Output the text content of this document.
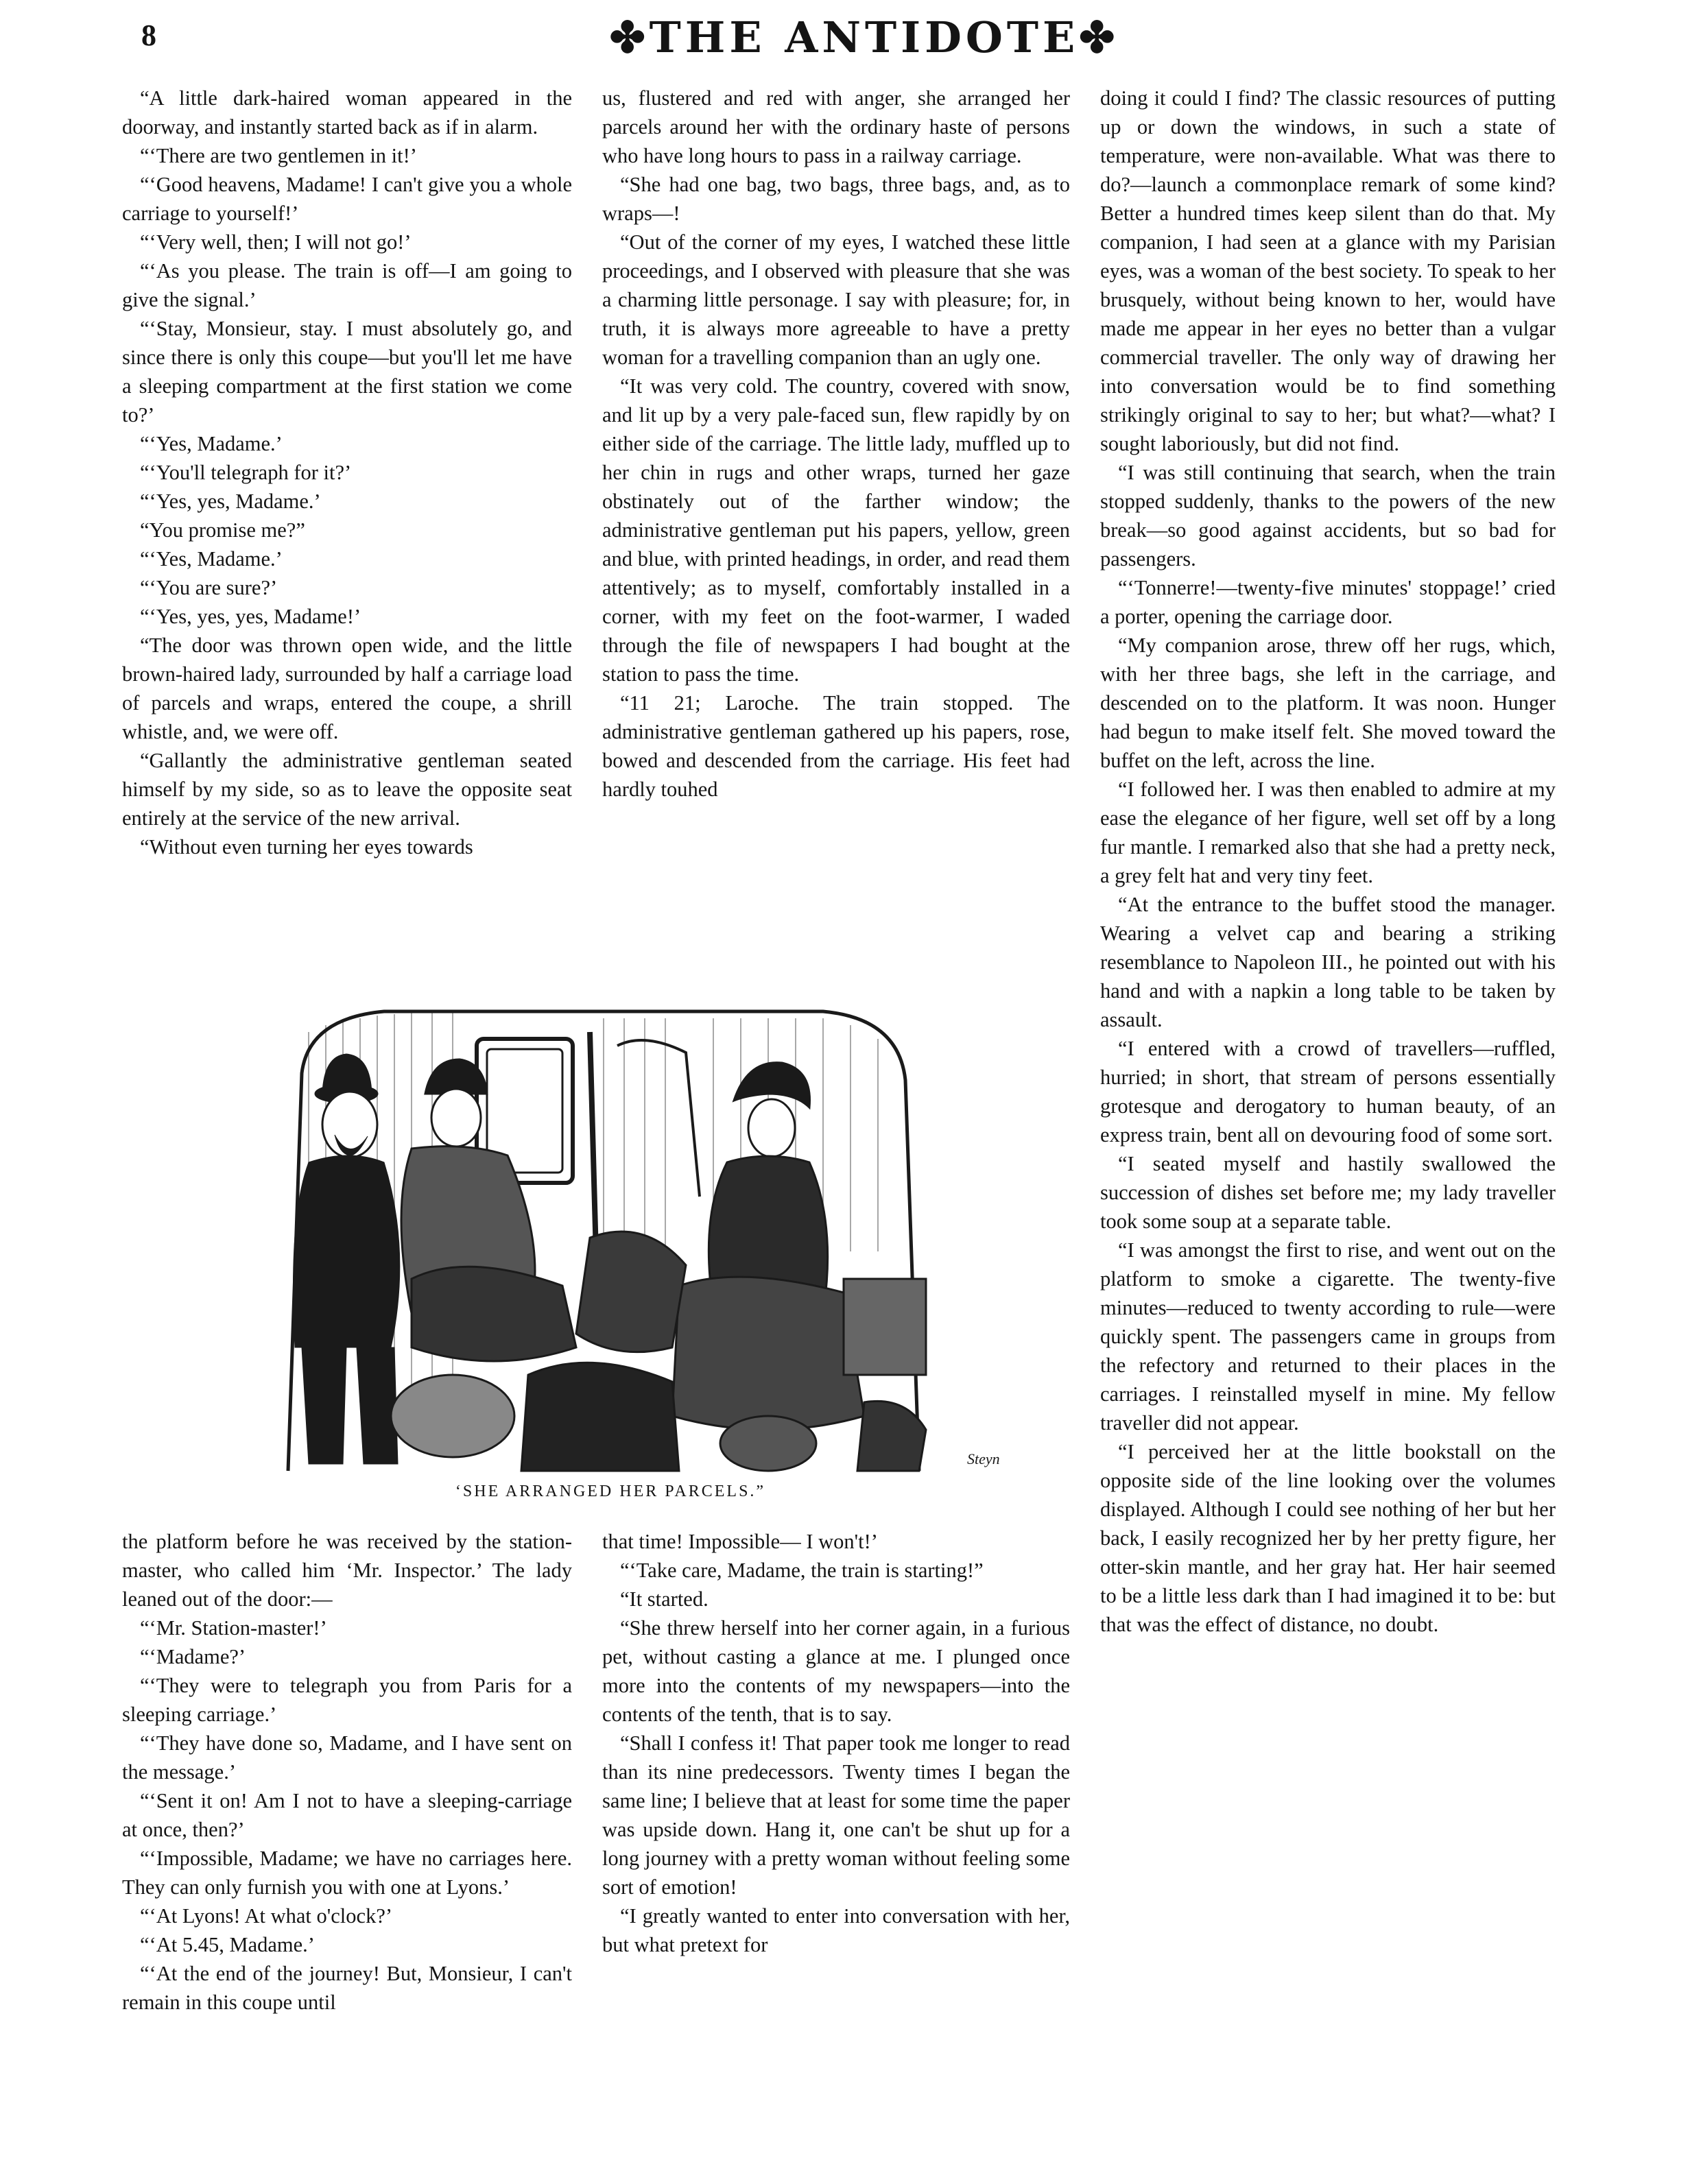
8	✤THE ANTIDOTE✤

“A little dark-haired woman appeared in the doorway, and instantly started back as if in alarm.

“‘There are two gentlemen in it!’

“‘Good heavens, Madame! I can't give you a whole carriage to yourself!’

“‘Very well, then; I will not go!’

“‘As you please. The train is off—I am going to give the signal.’

“‘Stay, Monsieur, stay. I must absolutely go, and since there is only this coupe—but you'll let me have a sleeping compartment at the first station we come to?’

“‘Yes, Madame.’

“‘You'll telegraph for it?’

“‘Yes, yes, Madame.’

“You promise me?”

“‘Yes, Madame.’

“‘You are sure?’

“‘Yes, yes, yes, Madame!’

“The door was thrown open wide, and the little brown-haired lady, surrounded by half a carriage load of parcels and wraps, entered the coupe, a shrill whistle, and, we were off.

“Gallantly the administrative gentleman seated himself by my side, so as to leave the opposite seat entirely at the service of the new arrival.

“Without even turning her eyes towards

us, flustered and red with anger, she arranged her parcels around her with the ordinary haste of persons who have long hours to pass in a railway carriage.

“She had one bag, two bags, three bags, and, as to wraps—!

“Out of the corner of my eyes, I watched these little proceedings, and I observed with pleasure that she was a charming little personage. I say with pleasure; for, in truth, it is always more agreeable to have a pretty woman for a travelling companion than an ugly one.

“It was very cold. The country, covered with snow, and lit up by a very pale-faced sun, flew rapidly by on either side of the carriage. The little lady, muffled up to her chin in rugs and other wraps, turned her gaze obstinately out of the farther window; the administrative gentleman put his papers, yellow, green and blue, with printed headings, in order, and read them attentively; as to myself, comfortably installed in a corner, with my feet on the foot-warmer, I waded through the file of newspapers I had bought at the station to pass the time.

“11 21; Laroche. The train stopped. The administrative gentleman gathered up his papers, rose, bowed and descended from the carriage. His feet had hardly touhed

doing it could I find? The classic resources of putting up or down the windows, in such a state of temperature, were non-available. What was there to do?—launch a commonplace remark of some kind? Better a hundred times keep silent than do that. My companion, I had seen at a glance with my Parisian eyes, was a woman of the best society. To speak to her brusquely, without being known to her, would have made me appear in her eyes no better than a vulgar commercial traveller. The only way of drawing her into conversation would be to find something strikingly original to say to her; but what?—what? I sought laboriously, but did not find.

“I was still continuing that search, when the train stopped suddenly, thanks to the powers of the new break—so good against accidents, but so bad for passengers.

“‘Tonnerre!—twenty-five minutes' stoppage!’ cried a porter, opening the carriage door.

“My companion arose, threw off her rugs, which, with her three bags, she left in the carriage, and descended on to the platform. It was noon. Hunger had begun to make itself felt. She moved toward the buffet on the left, across the line.

“I followed her. I was then enabled to admire at my ease the elegance of her figure, well set off by a long fur mantle. I remarked also that she had a pretty neck, a grey felt hat and very tiny feet.

“At the entrance to the buffet stood the manager. Wearing a velvet cap and bearing a striking resemblance to Napoleon III., he pointed out with his hand and with a napkin a long table to be taken by assault.

“I entered with a crowd of travellers—ruffled, hurried; in short, that stream of persons essentially grotesque and derogatory to human beauty, of an express train, bent all on devouring food of some sort.

“I seated myself and hastily swallowed the succession of dishes set before me; my lady traveller took some soup at a separate table.

“I was amongst the first to rise, and went out on the platform to smoke a cigarette. The twenty-five minutes—reduced to twenty according to rule—were quickly spent. The passengers came in groups from the refectory and returned to their places in the carriages. I reinstalled myself in mine. My fellow traveller did not appear.

“I perceived her at the little bookstall on the opposite side of the line looking over the volumes displayed. Although I could see nothing of her but her back, I easily recognized her by her pretty figure, her otter-skin mantle, and her gray hat. Her hair seemed to be a little less dark than I had imagined it to be: but that was the effect of distance, no doubt.

Steyn
‘SHE ARRANGED HER PARCELS.”

the platform before he was received by the station-master, who called him ‘Mr. Inspector.’ The lady leaned out of the door:—

“‘Mr. Station-master!’

“‘Madame?’

“‘They were to telegraph you from Paris for a sleeping carriage.’

“‘They have done so, Madame, and I have sent on the message.’

“‘Sent it on! Am I not to have a sleeping-carriage at once, then?’

“‘Impossible, Madame; we have no carriages here. They can only furnish you with one at Lyons.’

“‘At Lyons! At what o'clock?’

“‘At 5.45, Madame.’

“‘At the end of the journey! But, Monsieur, I can't remain in this coupe until

that time! Impossible— I won't!’

“‘Take care, Madame, the train is starting!”

“It started.

“She threw herself into her corner again, in a furious pet, without casting a glance at me. I plunged once more into the contents of my newspapers—into the contents of the tenth, that is to say.

“Shall I confess it! That paper took me longer to read than its nine predecessors. Twenty times I began the same line; I believe that at least for some time the paper was upside down. Hang it, one can't be shut up for a long journey with a pretty woman without feeling some sort of emotion!

“I greatly wanted to enter into conversation with her, but what pretext for
